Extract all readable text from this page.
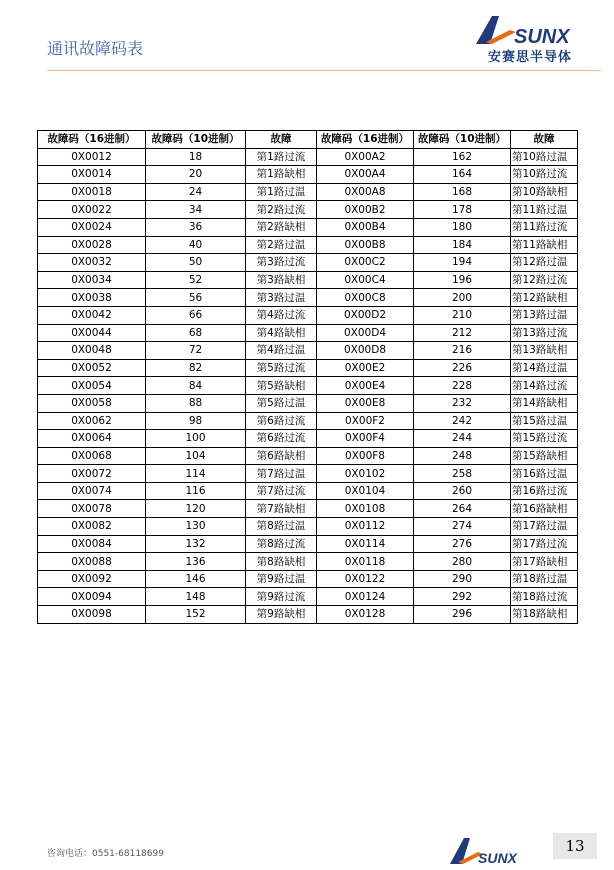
通讯故障码表
SUNX
安赛思半导体
故障码（16进制）	故障码（10进制）	故障	故障码（16进制）	故障码（10进制）	故障
0X0012	18	第1路过流	0X00A2	162	第10路过温
0X0014	20	第1路缺相	0X00A4	164	第10路过流
0X0018	24	第1路过温	0X00A8	168	第10路缺相
0X0022	34	第2路过流	0X00B2	178	第11路过温
0X0024	36	第2路缺相	0X00B4	180	第11路过流
0X0028	40	第2路过温	0X00B8	184	第11路缺相
0X0032	50	第3路过流	0X00C2	194	第12路过温
0X0034	52	第3路缺相	0X00C4	196	第12路过流
0X0038	56	第3路过温	0X00C8	200	第12路缺相
0X0042	66	第4路过流	0X00D2	210	第13路过温
0X0044	68	第4路缺相	0X00D4	212	第13路过流
0X0048	72	第4路过温	0X00D8	216	第13路缺相
0X0052	82	第5路过流	0X00E2	226	第14路过温
0X0054	84	第5路缺相	0X00E4	228	第14路过流
0X0058	88	第5路过温	0X00E8	232	第14路缺相
0X0062	98	第6路过流	0X00F2	242	第15路过温
0X0064	100	第6路过流	0X00F4	244	第15路过流
0X0068	104	第6路缺相	0X00F8	248	第15路缺相
0X0072	114	第7路过温	0X0102	258	第16路过温
0X0074	116	第7路过流	0X0104	260	第16路过流
0X0078	120	第7路缺相	0X0108	264	第16路缺相
0X0082	130	第8路过温	0X0112	274	第17路过温
0X0084	132	第8路过流	0X0114	276	第17路过流
0X0088	136	第8路缺相	0X0118	280	第17路缺相
0X0092	146	第9路过温	0X0122	290	第18路过温
0X0094	148	第9路过流	0X0124	292	第18路过流
0X0098	152	第9路缺相	0X0128	296	第18路缺相
咨询电话：0551-68118699	SUNX
13
